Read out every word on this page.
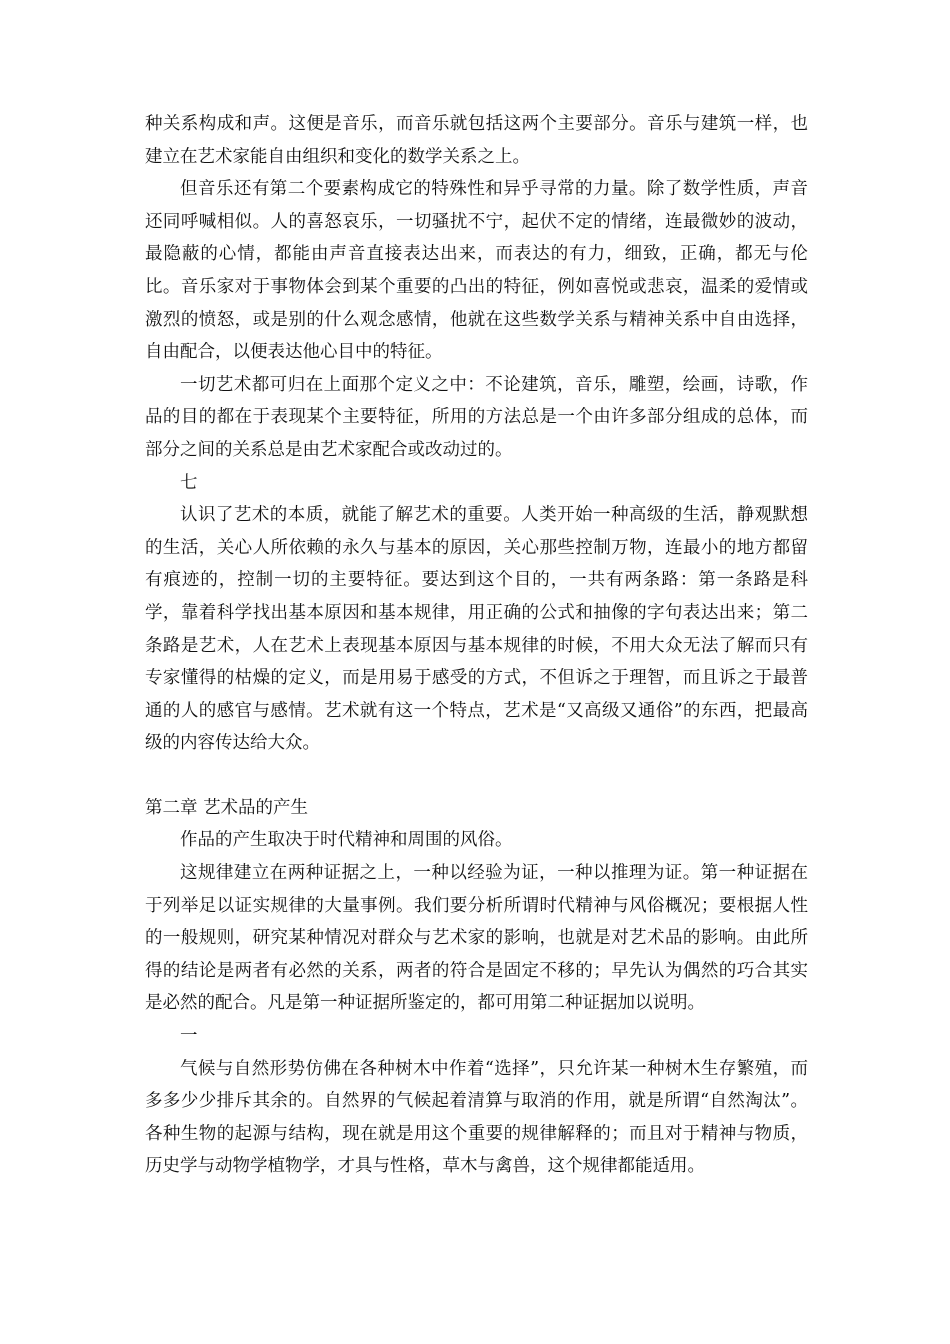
种关系构成和声。这便是音乐，而音乐就包括这两个主要部分。音乐与建筑一样，也建立在艺术家能自由组织和变化的数学关系之上。

但音乐还有第二个要素构成它的特殊性和异乎寻常的力量。除了数学性质，声音还同呼喊相似。人的喜怒哀乐，一切骚扰不宁，起伏不定的情绪，连最微妙的波动，最隐蔽的心情，都能由声音直接表达出来，而表达的有力，细致，正确，都无与伦比。音乐家对于事物体会到某个重要的凸出的特征，例如喜悦或悲哀，温柔的爱情或激烈的愤怒，或是别的什么观念感情，他就在这些数学关系与精神关系中自由选择，自由配合，以便表达他心目中的特征。

一切艺术都可归在上面那个定义之中：不论建筑，音乐，雕塑，绘画，诗歌，作品的目的都在于表现某个主要特征，所用的方法总是一个由许多部分组成的总体，而部分之间的关系总是由艺术家配合或改动过的。

七

认识了艺术的本质，就能了解艺术的重要。人类开始一种高级的生活，静观默想的生活，关心人所依赖的永久与基本的原因，关心那些控制万物，连最小的地方都留有痕迹的，控制一切的主要特征。要达到这个目的，一共有两条路：第一条路是科学，靠着科学找出基本原因和基本规律，用正确的公式和抽像的字句表达出来；第二条路是艺术，人在艺术上表现基本原因与基本规律的时候，不用大众无法了解而只有专家懂得的枯燥的定义，而是用易于感受的方式，不但诉之于理智，而且诉之于最普通的人的感官与感情。艺术就有这一个特点，艺术是“又高级又通俗”的东西，把最高级的内容传达给大众。

第二章 艺术品的产生

作品的产生取决于时代精神和周围的风俗。

这规律建立在两种证据之上，一种以经验为证，一种以推理为证。第一种证据在于列举足以证实规律的大量事例。我们要分析所谓时代精神与风俗概况；要根据人性的一般规则，研究某种情况对群众与艺术家的影响，也就是对艺术品的影响。由此所得的结论是两者有必然的关系，两者的符合是固定不移的；早先认为偶然的巧合其实是必然的配合。凡是第一种证据所鉴定的，都可用第二种证据加以说明。

一

气候与自然形势仿佛在各种树木中作着“选择”，只允许某一种树木生存繁殖，而多多少少排斥其余的。自然界的气候起着清算与取消的作用，就是所谓“自然淘汰”。各种生物的起源与结构，现在就是用这个重要的规律解释的；而且对于精神与物质，历史学与动物学植物学，才具与性格，草木与禽兽，这个规律都能适用。
